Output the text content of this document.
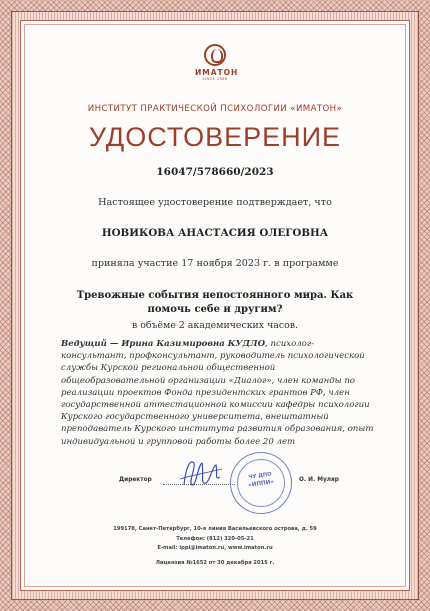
ИМАТОН
SINCE 1988
ИНСТИТУТ ПРАКТИЧЕСКОЙ ПСИХОЛОГИИ «ИМАТОН»
УДОСТОВЕРЕНИЕ
16047/578660/2023
Настоящее удостоверение подтверждает, что
НОВИКОВА АНАСТАСИЯ ОЛЕГОВНА
приняла участие 17 ноября 2023 г. в программе
Тревожные события непостоянного мира. Как помочь себе и другим?
в объёме 2 академических часов.
Ведущий — Ирина Казимировна КУДЛО, психолог-консультант, профконсультант, руководитель психологической службы Курской региональной общественной общеобразовательной организации «Диалог», член команды по реализации проектов Фонда президентских грантов РФ, член государственной аттестационной комиссии кафедры психологии Курского государственного университета, внештатный преподаватель Курского института развития образования, опыт индивидуальной и групповой работы более 20 лет
Директор	ЧУ ДПО
«ИППИ»	О. И. Муляр
199178, Санкт-Петербург, 10-я линия Васильевского острова, д. 59
Телефон: (812) 320-05-21
E-mail: ippi@imaton.ru, www.imaton.ru
Лицензия №1652 от 30 декабря 2015 г.
